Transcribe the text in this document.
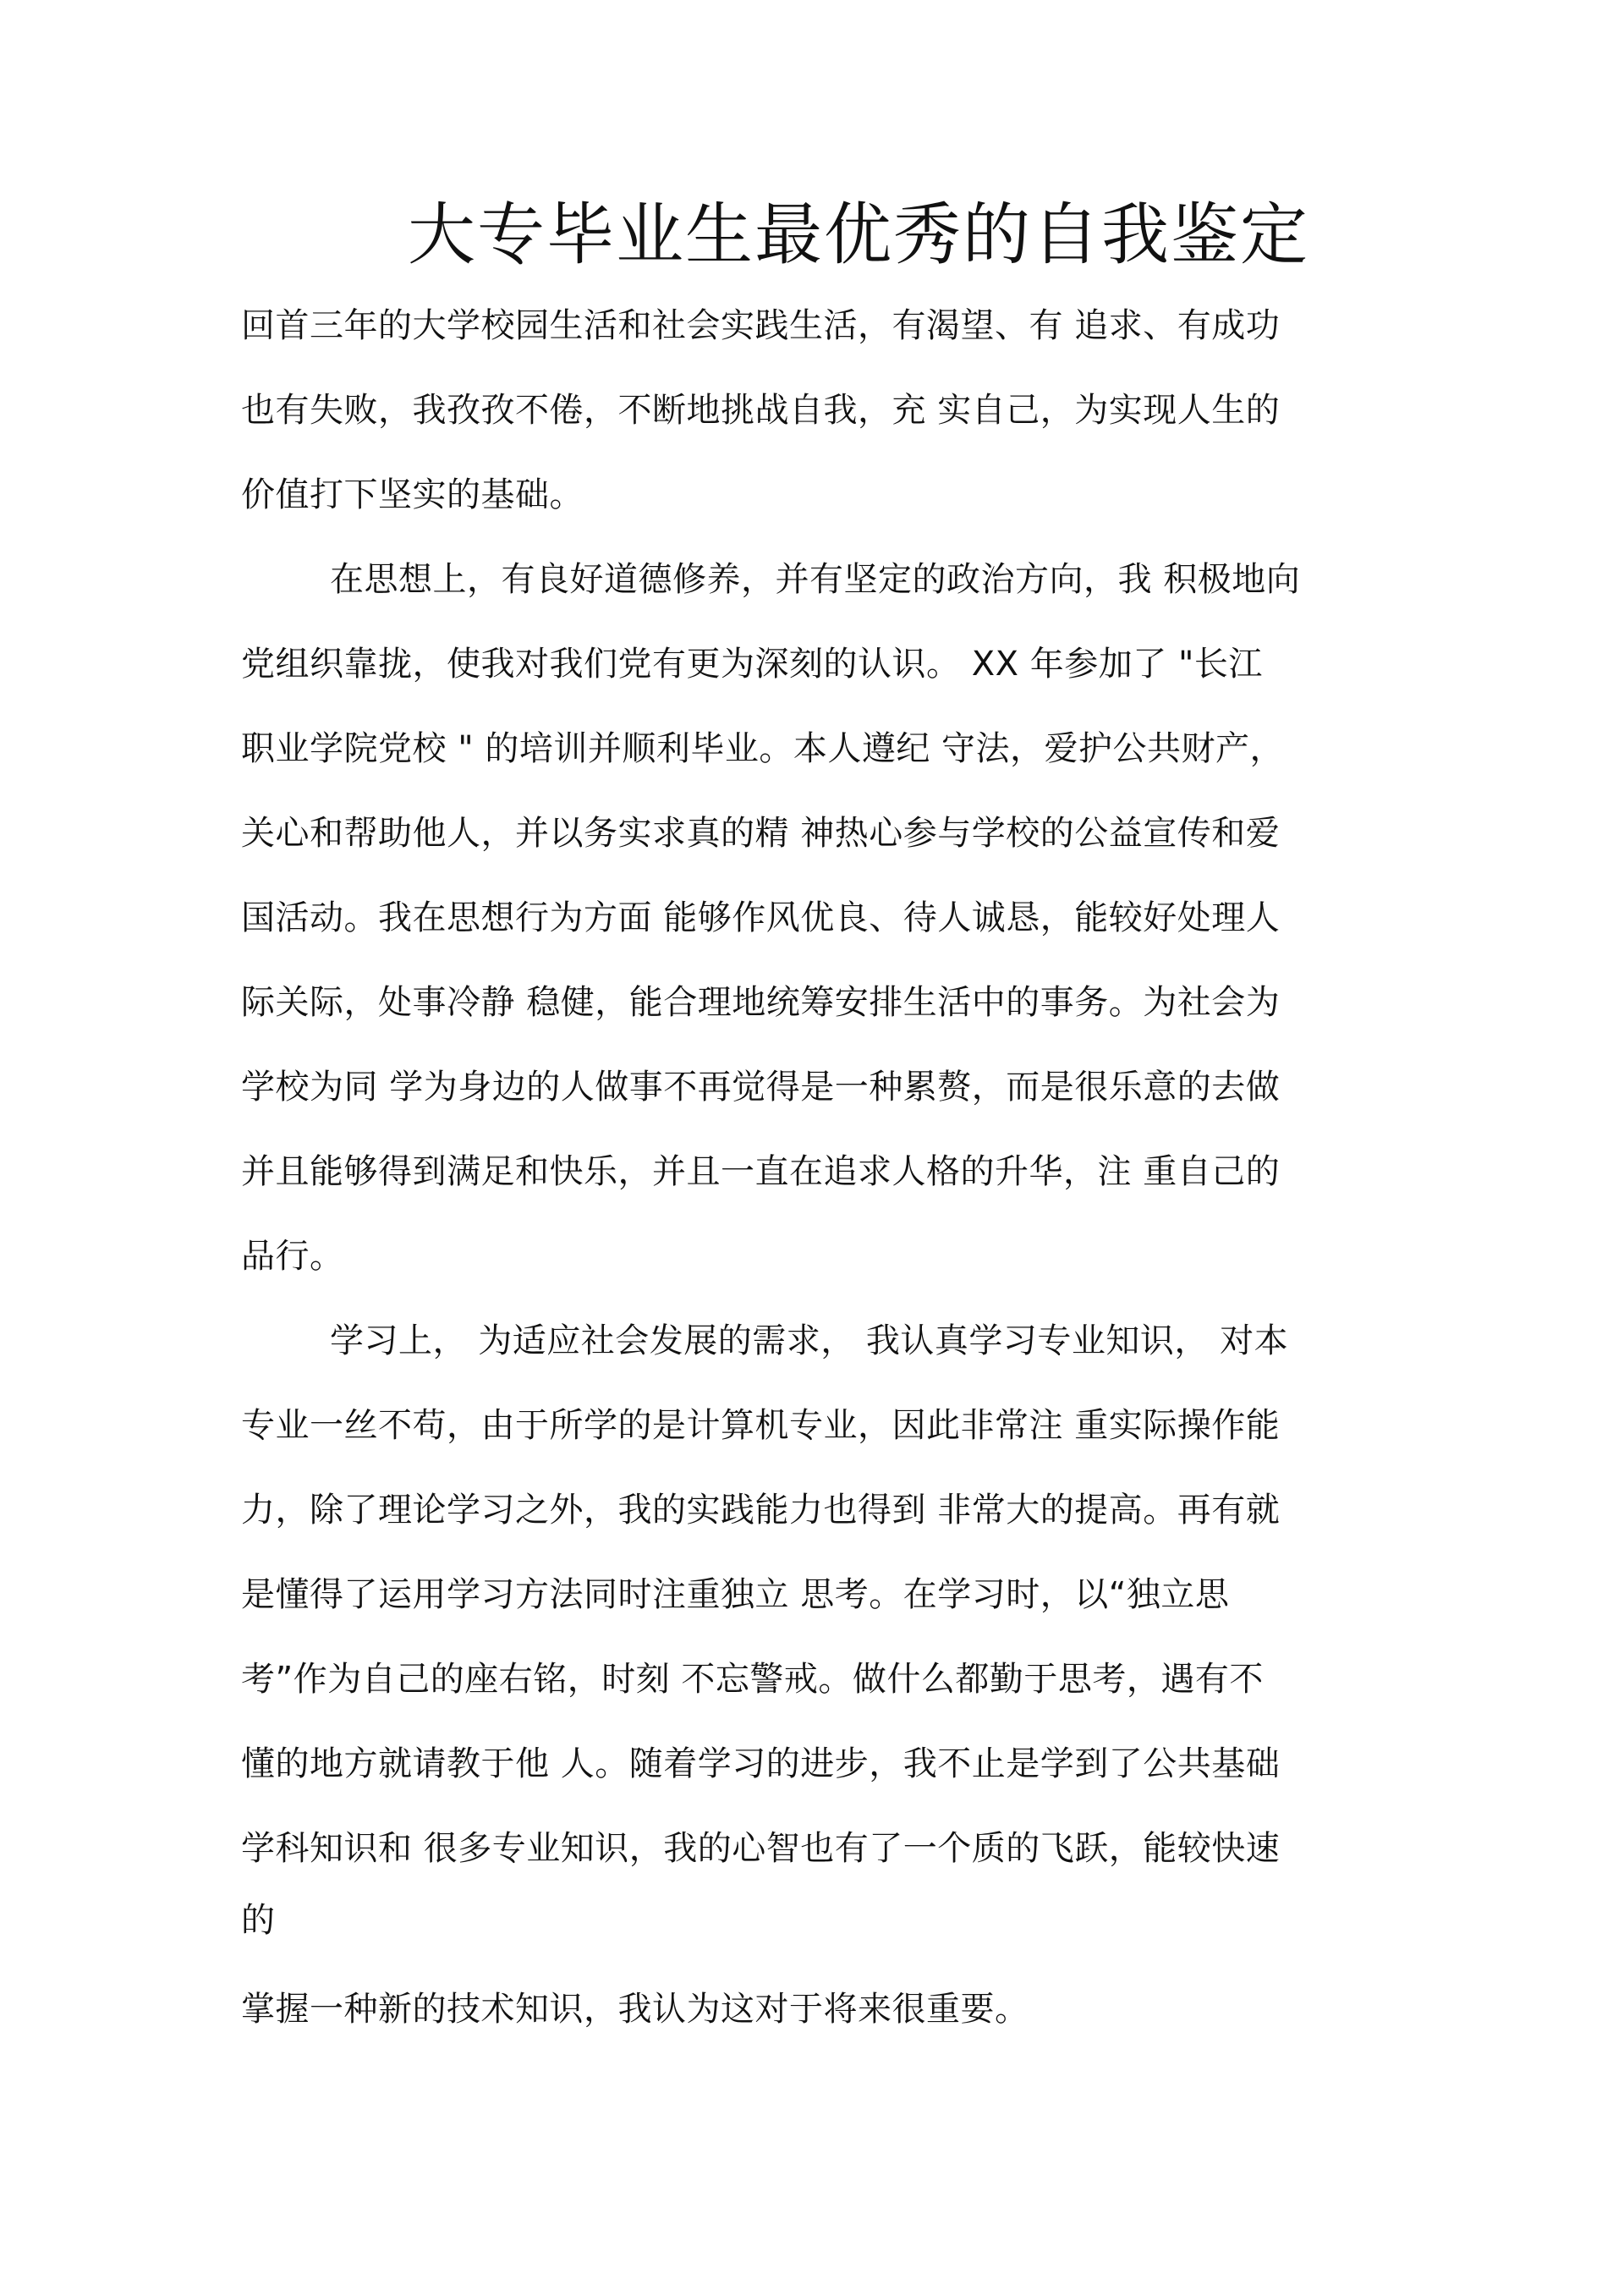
大专毕业生最优秀的自我鉴定
回首三年的大学校园生活和社会实践生活，有渴望、有 追求、有成功
也有失败，我孜孜不倦，不断地挑战自我，充 实自己，为实现人生的
价值打下坚实的基础。
在思想上，有良好道德修养，并有坚定的政治方向，我 积极地向
党组织靠拢，使我对我们党有更为深刻的认识。 XX 年参加了 "长江
职业学院党校 " 的培训并顺利毕业。本人遵纪 守法，爱护公共财产，
关心和帮助他人，并以务实求真的精 神热心参与学校的公益宣传和爱
国活动。我在思想行为方面 能够作风优良、待人诚恳，能较好处理人
际关际，处事冷静 稳健，能合理地统筹安排生活中的事务。为社会为
学校为同 学为身边的人做事不再觉得是一种累赘，而是很乐意的去做
并且能够得到满足和快乐，并且一直在追求人格的升华，注 重自己的
品行。
学习上， 为适应社会发展的需求， 我认真学习专业知识， 对本
专业一丝不苟，由于所学的是计算机专业，因此非常注 重实际操作能
力，除了理论学习之外，我的实践能力也得到 非常大的提高。再有就
是懂得了运用学习方法同时注重独立 思考。在学习时，以“独立思
考”作为自己的座右铭，时刻 不忘警戒。做什么都勤于思考，遇有不
懂的地方就请教于他 人。随着学习的进步，我不止是学到了公共基础
学科知识和 很多专业知识，我的心智也有了一个质的飞跃，能较快速
的
掌握一种新的技术知识，我认为这对于将来很重要。
